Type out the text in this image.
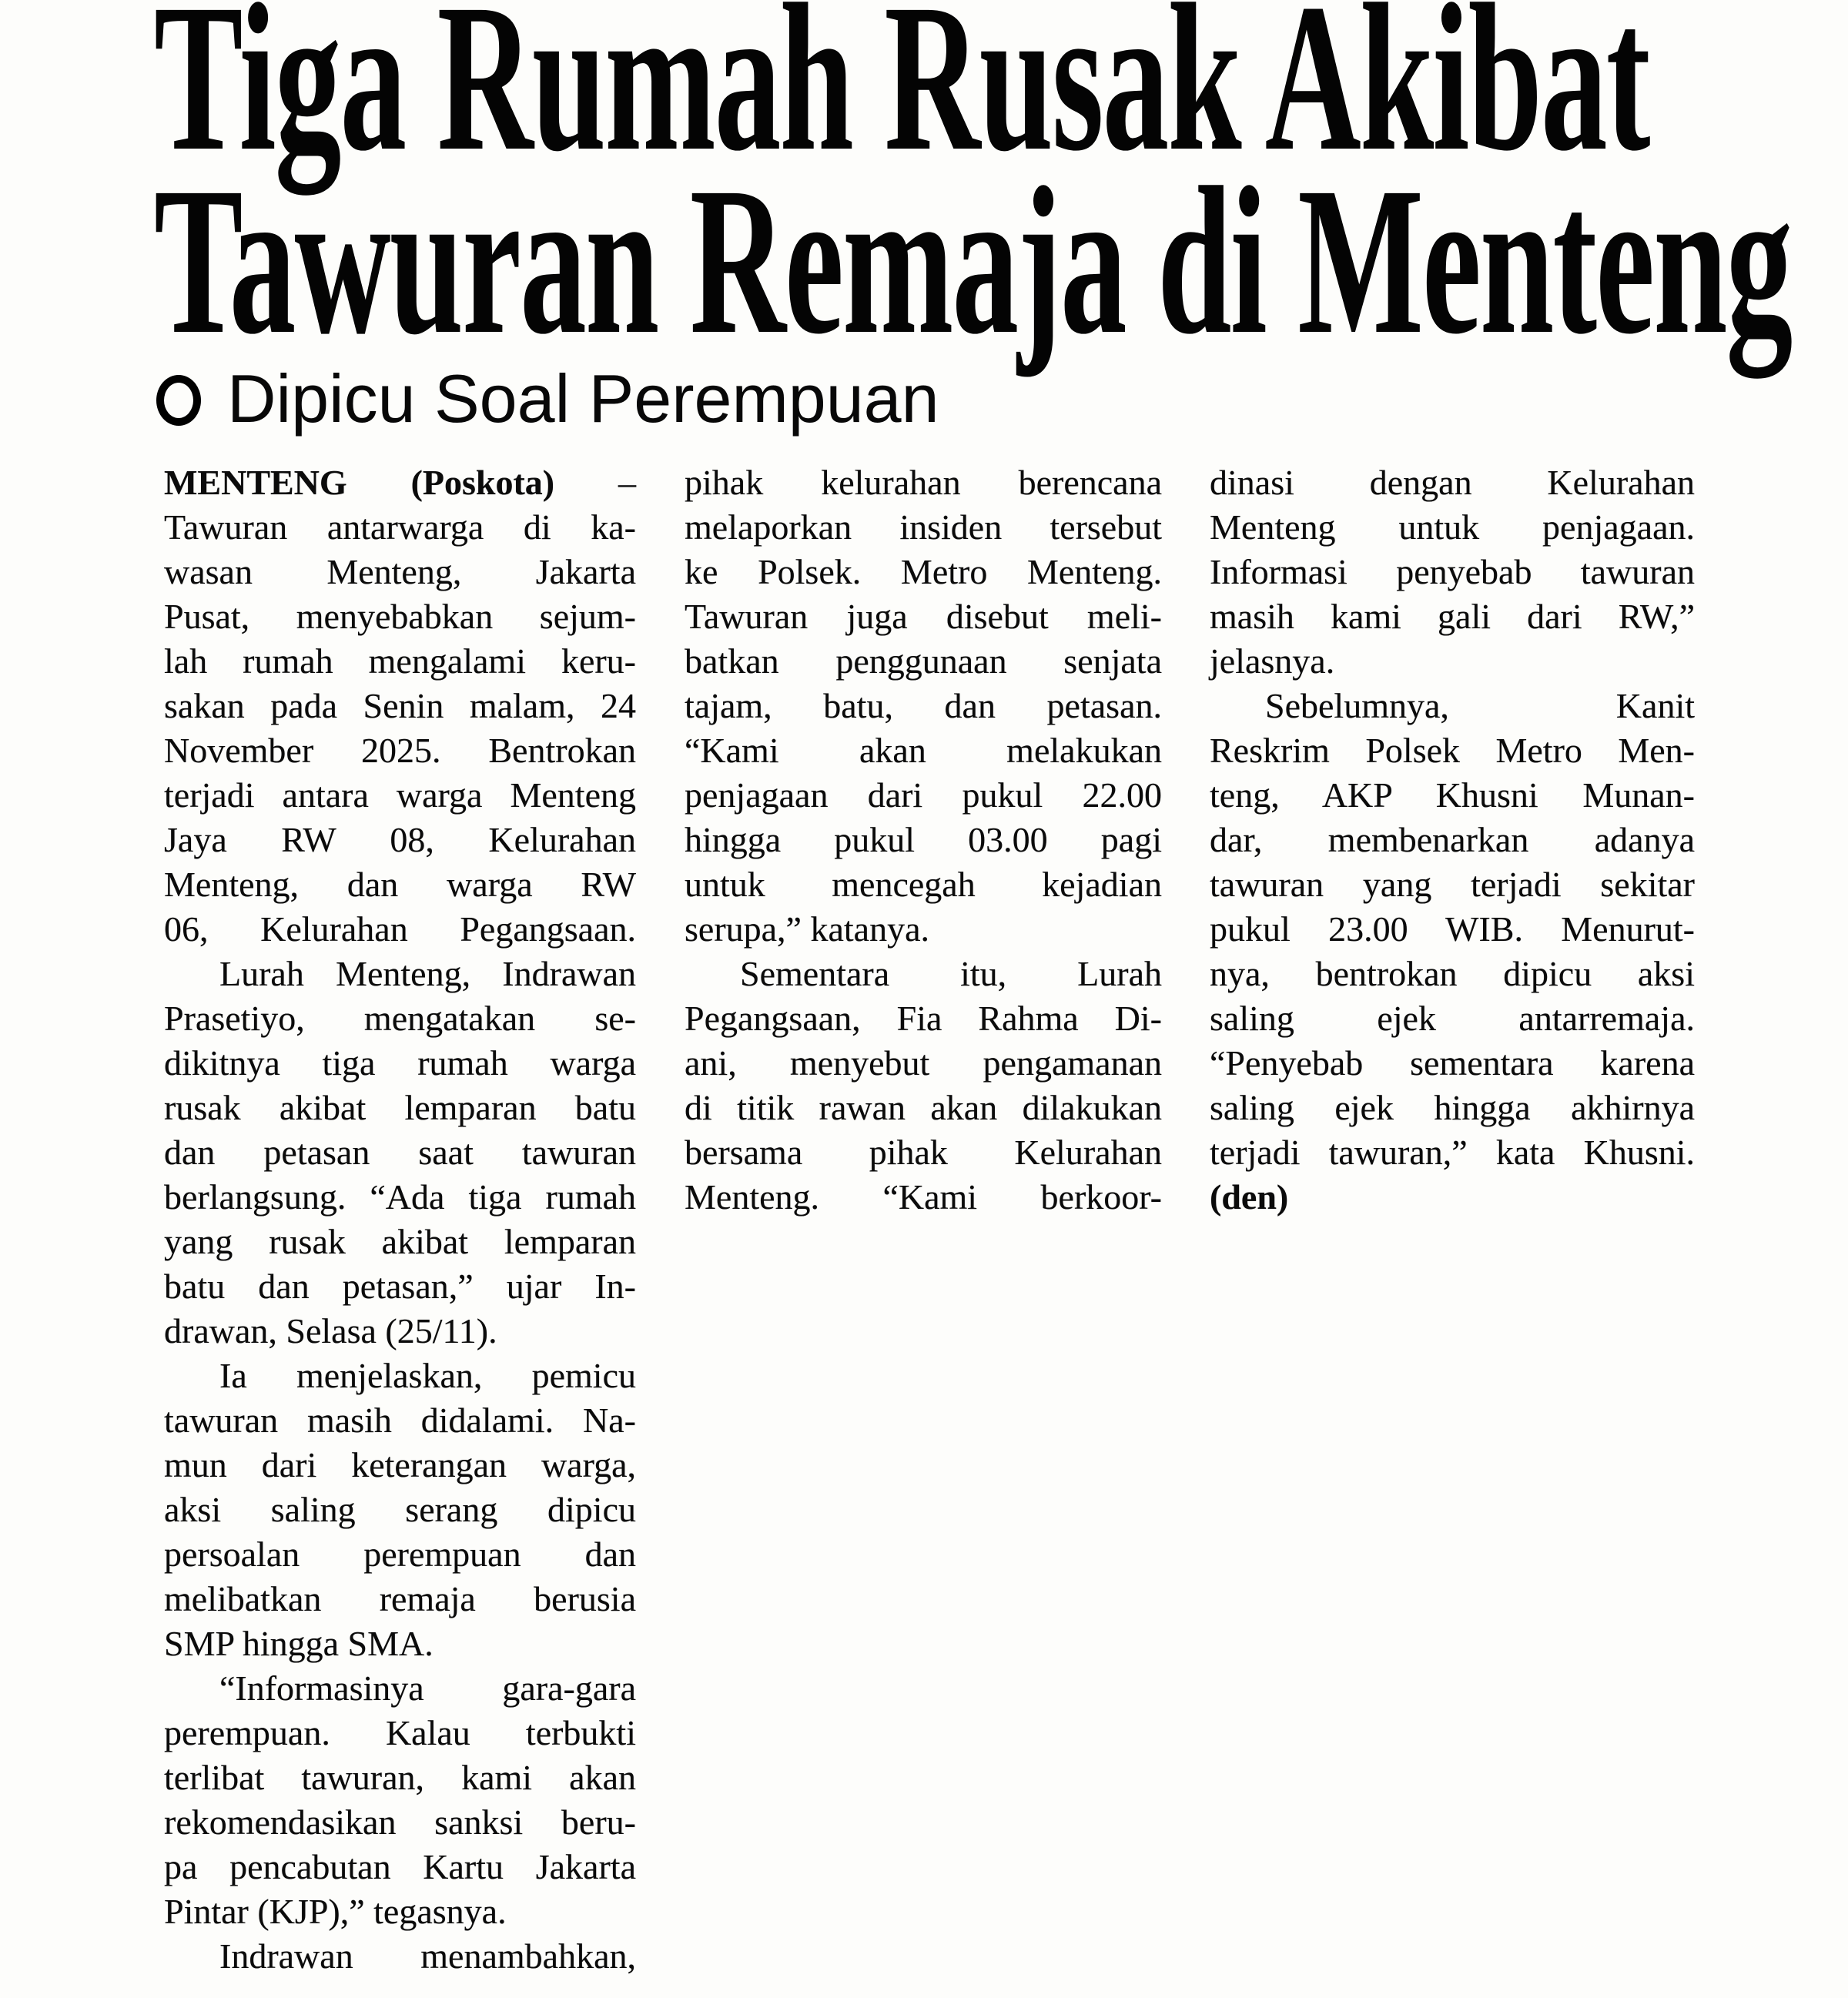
Tiga Rumah Rusak Akibat
Tawuran Remaja di Menteng
Dipicu Soal Perempuan
MENTENG (Poskota) –
Tawuran antarwarga di ka-
wasan Menteng, Jakarta
Pusat, menyebabkan sejum-
lah rumah mengalami keru-
sakan pada Senin malam, 24
November 2025. Bentrokan
terjadi antara warga Menteng
Jaya RW 08, Kelurahan
Menteng, dan warga RW
06, Kelurahan Pegangsaan.
Lurah Menteng, Indrawan
Prasetiyo, mengatakan se-
dikitnya tiga rumah warga
rusak akibat lemparan batu
dan petasan saat tawuran
berlangsung. “Ada tiga rumah
yang rusak akibat lemparan
batu dan petasan,” ujar In-
drawan, Selasa (25/11).
Ia menjelaskan, pemicu
tawuran masih didalami. Na-
mun dari keterangan warga,
aksi saling serang dipicu
persoalan perempuan dan
melibatkan remaja berusia
SMP hingga SMA.
“Informasinya gara-gara
perempuan. Kalau terbukti
terlibat tawuran, kami akan
rekomendasikan sanksi beru-
pa pencabutan Kartu Jakarta
Pintar (KJP),” tegasnya.
Indrawan menambahkan,
pihak kelurahan berencana
melaporkan insiden tersebut
ke Polsek. Metro Menteng.
Tawuran juga disebut meli-
batkan penggunaan senjata
tajam, batu, dan petasan.
“Kami akan melakukan
penjagaan dari pukul 22.00
hingga pukul 03.00 pagi
untuk mencegah kejadian
serupa,” katanya.
Sementara itu, Lurah
Pegangsaan, Fia Rahma Di-
ani, menyebut pengamanan
di titik rawan akan dilakukan
bersama pihak Kelurahan
Menteng. “Kami berkoor-
dinasi dengan Kelurahan
Menteng untuk penjagaan.
Informasi penyebab tawuran
masih kami gali dari RW,”
jelasnya.
Sebelumnya, Kanit
Reskrim Polsek Metro Men-
teng, AKP Khusni Munan-
dar, membenarkan adanya
tawuran yang terjadi sekitar
pukul 23.00 WIB. Menurut-
nya, bentrokan dipicu aksi
saling ejek antarremaja.
“Penyebab sementara karena
saling ejek hingga akhirnya
terjadi tawuran,” kata Khusni.
(den)
